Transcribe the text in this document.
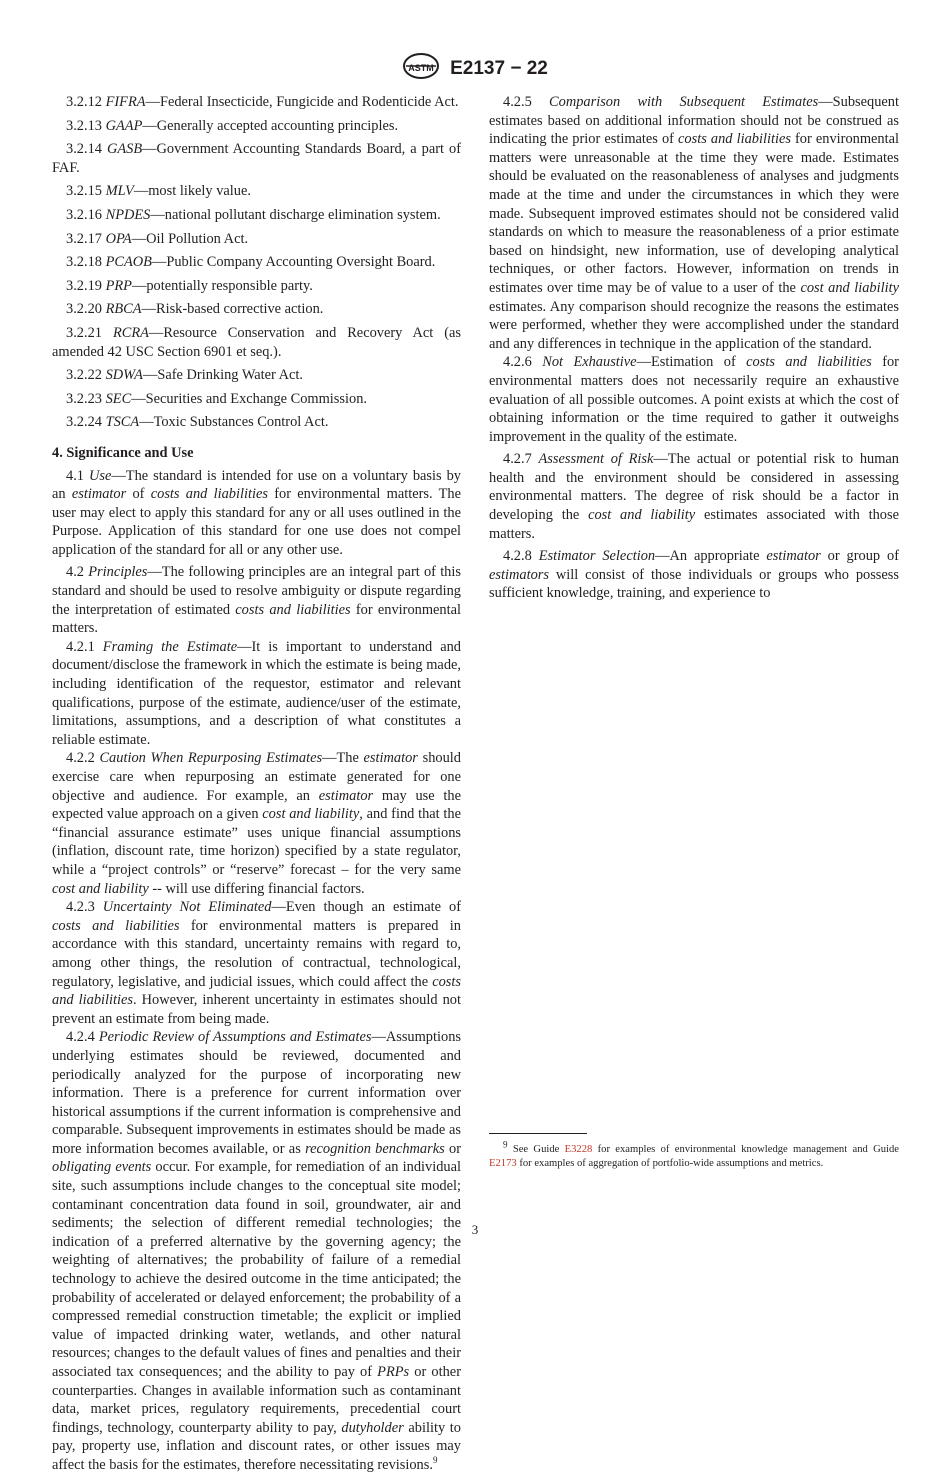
ASTM E2137 − 22

3.2.12 FIFRA—Federal Insecticide, Fungicide and Rodenticide Act.

3.2.13 GAAP—Generally accepted accounting principles.

3.2.14 GASB—Government Accounting Standards Board, a part of FAF.

3.2.15 MLV—most likely value.

3.2.16 NPDES—national pollutant discharge elimination system.

3.2.17 OPA—Oil Pollution Act.

3.2.18 PCAOB—Public Company Accounting Oversight Board.

3.2.19 PRP—potentially responsible party.

3.2.20 RBCA—Risk-based corrective action.

3.2.21 RCRA—Resource Conservation and Recovery Act (as amended 42 USC Section 6901 et seq.).

3.2.22 SDWA—Safe Drinking Water Act.

3.2.23 SEC—Securities and Exchange Commission.

3.2.24 TSCA—Toxic Substances Control Act.

4. Significance and Use

4.1 Use—The standard is intended for use on a voluntary basis by an estimator of costs and liabilities for environmental matters. The user may elect to apply this standard for any or all uses outlined in the Purpose. Application of this standard for one use does not compel application of the standard for all or any other use.

4.2 Principles—The following principles are an integral part of this standard and should be used to resolve ambiguity or dispute regarding the interpretation of estimated costs and liabilities for environmental matters.

4.2.1 Framing the Estimate—It is important to understand and document/disclose the framework in which the estimate is being made, including identification of the requestor, estimator and relevant qualifications, purpose of the estimate, audience/user of the estimate, limitations, assumptions, and a description of what constitutes a reliable estimate.

4.2.2 Caution When Repurposing Estimates—The estimator should exercise care when repurposing an estimate generated for one objective and audience. For example, an estimator may use the expected value approach on a given cost and liability, and find that the “financial assurance estimate” uses unique financial assumptions (inflation, discount rate, time horizon) specified by a state regulator, while a “project controls” or “reserve” forecast – for the very same cost and liability -- will use differing financial factors.

4.2.3 Uncertainty Not Eliminated—Even though an estimate of costs and liabilities for environmental matters is prepared in accordance with this standard, uncertainty remains with regard to, among other things, the resolution of contractual, technological, regulatory, legislative, and judicial issues, which could affect the costs and liabilities. However, inherent uncertainty in estimates should not prevent an estimate from being made.

4.2.4 Periodic Review of Assumptions and Estimates—Assumptions underlying estimates should be reviewed, documented and periodically analyzed for the purpose of incorporating new information. There is a preference for current information over historical assumptions if the current information is comprehensive and comparable. Subsequent improvements in estimates should be made as more information becomes available, or as recognition benchmarks or obligating events occur. For example, for remediation of an individual site, such assumptions include changes to the conceptual site model; contaminant concentration data found in soil, groundwater, air and sediments; the selection of different remedial technologies; the indication of a preferred alternative by the governing agency; the weighting of alternatives; the probability of failure of a remedial technology to achieve the desired outcome in the time anticipated; the probability of accelerated or delayed enforcement; the probability of a compressed remedial construction timetable; the explicit or implied value of impacted drinking water, wetlands, and other natural resources; changes to the default values of fines and penalties and their associated tax consequences; and the ability to pay of PRPs or other counterparties. Changes in available information such as contaminant data, market prices, regulatory requirements, precedential court findings, technology, counterparty ability to pay, dutyholder ability to pay, property use, inflation and discount rates, or other issues may affect the basis for the estimates, therefore necessitating revisions.$^9$

4.2.5 Comparison with Subsequent Estimates—Subsequent estimates based on additional information should not be construed as indicating the prior estimates of costs and liabilities for environmental matters were unreasonable at the time they were made. Estimates should be evaluated on the reasonableness of analyses and judgments made at the time and under the circumstances in which they were made. Subsequent improved estimates should not be considered valid standards on which to measure the reasonableness of a prior estimate based on hindsight, new information, use of developing analytical techniques, or other factors. However, information on trends in estimates over time may be of value to a user of the cost and liability estimates. Any comparison should recognize the reasons the estimates were performed, whether they were accomplished under the standard and any differences in technique in the application of the standard.

4.2.6 Not Exhaustive—Estimation of costs and liabilities for environmental matters does not necessarily require an exhaustive evaluation of all possible outcomes. A point exists at which the cost of obtaining information or the time required to gather it outweighs improvement in the quality of the estimate.

4.2.7 Assessment of Risk—The actual or potential risk to human health and the environment should be considered in assessing environmental matters. The degree of risk should be a factor in developing the cost and liability estimates associated with those matters.

4.2.8 Estimator Selection—An appropriate estimator or group of estimators will consist of those individuals or groups who possess sufficient knowledge, training, and experience to

$^9$ See Guide E3228 for examples of environmental knowledge management and Guide E2173 for examples of aggregation of portfolio-wide assumptions and metrics.
3
